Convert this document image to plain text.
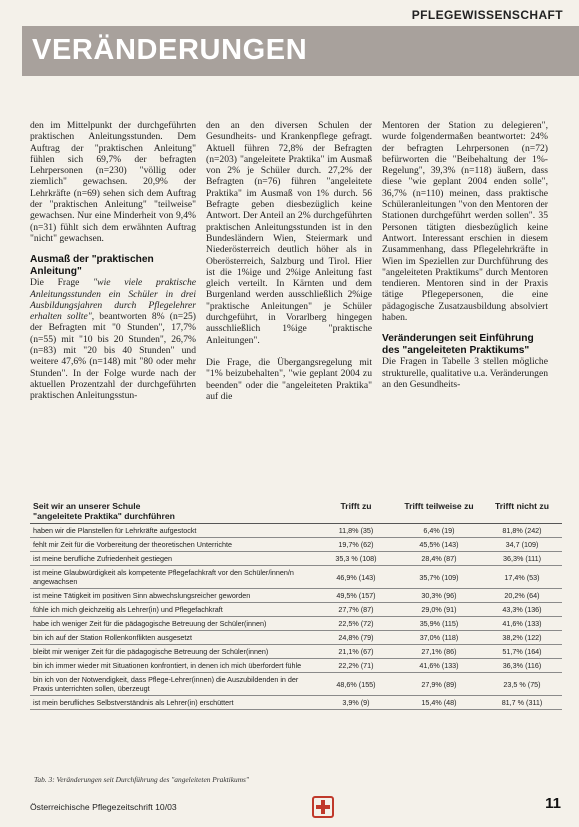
PFLEGEWISSENSCHAFT
VERÄNDERUNGEN

den im Mittelpunkt der durchgeführten praktischen Anleitungsstunden. Dem Auftrag der "praktischen Anleitung" fühlen sich 69,7% der befragten Lehrpersonen (n=230) "völlig oder ziemlich" gewachsen. 20,9% der Lehrkräfte (n=69) sehen sich dem Auftrag der "praktischen Anleitung" "teilweise" gewachsen. Nur eine Minderheit von 9,4% (n=31) fühlt sich dem erwähnten Auftrag "nicht" gewachsen.

Ausmaß der "praktischen Anleitung"

Die Frage "wie viele praktische Anleitungsstunden ein Schüler in drei Ausbildungsjahren durch Pflegelehrer erhalten sollte", beantworten 8% (n=25) der Befragten mit "0 Stunden", 17,7% (n=55) mit "10 bis 20 Stunden", 26,7% (n=83) mit "20 bis 40 Stunden" und weitere 47,6% (n=148) mit "80 oder mehr Stunden". In der Folge wurde nach der aktuellen Prozentzahl der durchgeführten praktischen Anleitungsstun-

den an den diversen Schulen der Gesundheits- und Krankenpflege gefragt. Aktuell führen 72,8% der Befragten (n=203) "angeleitete Praktika" im Ausmaß von 2% je Schüler durch. 27,2% der Befragten (n=76) führen "angeleitete Praktika" im Ausmaß von 1% durch. 56 Befragte geben diesbezüglich keine Antwort. Der Anteil an 2% durchgeführten praktischen Anleitungsstunden ist in den Bundesländern Wien, Steiermark und Niederösterreich deutlich höher als in Oberösterreich, Salzburg und Tirol. Hier ist die 1%ige und 2%ige Anleitung fast gleich verteilt. In Kärnten und dem Burgenland werden ausschließlich 2%ige "praktische Anleitungen" je Schüler durchgeführt, in Vorarlberg hingegen ausschließlich 1%ige "praktische Anleitungen".

Die Frage, die Übergangsregelung mit "1% beizubehalten", "wie geplant 2004 zu beenden" oder die "angeleiteten Praktika" auf die

Mentoren der Station zu delegieren", wurde folgendermaßen beantwortet: 24% der befragten Lehrpersonen (n=72) befürworten die "Beibehaltung der 1%-Regelung", 39,3% (n=118) äußern, dass diese "wie geplant 2004 enden solle", 36,7% (n=110) meinen, dass praktische Schüleranleitungen "von den Mentoren der Stationen durchgeführt werden sollen". 35 Personen tätigten diesbezüglich keine Antwort. Interessant erschien in diesem Zusammenhang, dass Pflegelehrkräfte in Wien im Speziellen zur Durchführung des "angeleiteten Praktikums" durch Mentoren tendieren. Mentoren sind in der Praxis tätige Pflegepersonen, die eine pädagogische Zusatzausbildung absolviert haben.

Veränderungen seit Einführung des "angeleiteten Praktikums"

Die Fragen in Tabelle 3 stellen mögliche strukturelle, qualitative u.a. Veränderungen an den Gesundheits-

Seit wir an unserer Schule
"angeleitete Praktika" durchführen	Trifft zu	Trifft teilweise zu	Trifft nicht zu
haben wir die Planstellen für Lehrkräfte aufgestockt	11,8% (35)	6,4% (19)	81,8% (242)
fehlt mir Zeit für die Vorbereitung der theoretischen Unterrichte	19,7% (62)	45,5% (143)	34,7 (109)
ist meine berufliche Zufriedenheit gestiegen	35,3 % (108)	28,4% (87)	36,3% (111)
ist meine Glaubwürdigkeit als kompetente Pflegefachkraft vor den Schüler/innen/n angewachsen	46,9% (143)	35,7% (109)	17,4% (53)
ist meine Tätigkeit im positiven Sinn abwechslungsreicher geworden	49,5% (157)	30,3% (96)	20,2% (64)
fühle ich mich gleichzeitig als Lehrer(in) und Pflegefachkraft	27,7% (87)	29,0% (91)	43,3% (136)
habe ich weniger Zeit für die pädagogische Betreuung der Schüler(innen)	22,5% (72)	35,9% (115)	41,6% (133)
bin ich auf der Station Rollenkonflikten ausgesetzt	24,8% (79)	37,0% (118)	38,2% (122)
bleibt mir weniger Zeit für die pädagogische Betreuung der Schüler(innen)	21,1% (67)	27,1% (86)	51,7% (164)
bin ich immer wieder mit Situationen konfrontiert, in denen ich mich überfordert fühle	22,2% (71)	41,6% (133)	36,3% (116)
bin ich von der Notwendigkeit, dass Pflege-Lehrer(innen) die Auszubildenden in der Praxis unterrichten sollen, überzeugt	48,6% (155)	27,9% (89)	23,5 % (75)
ist mein berufliches Selbstverständnis als Lehrer(in) erschüttert	3,9% (9)	15,4% (48)	81,7 % (311)
Tab. 3: Veränderungen seit Durchführung des "angeleiteten Praktikums"
Österreichische Pflegezeitschrift 10/03	11
